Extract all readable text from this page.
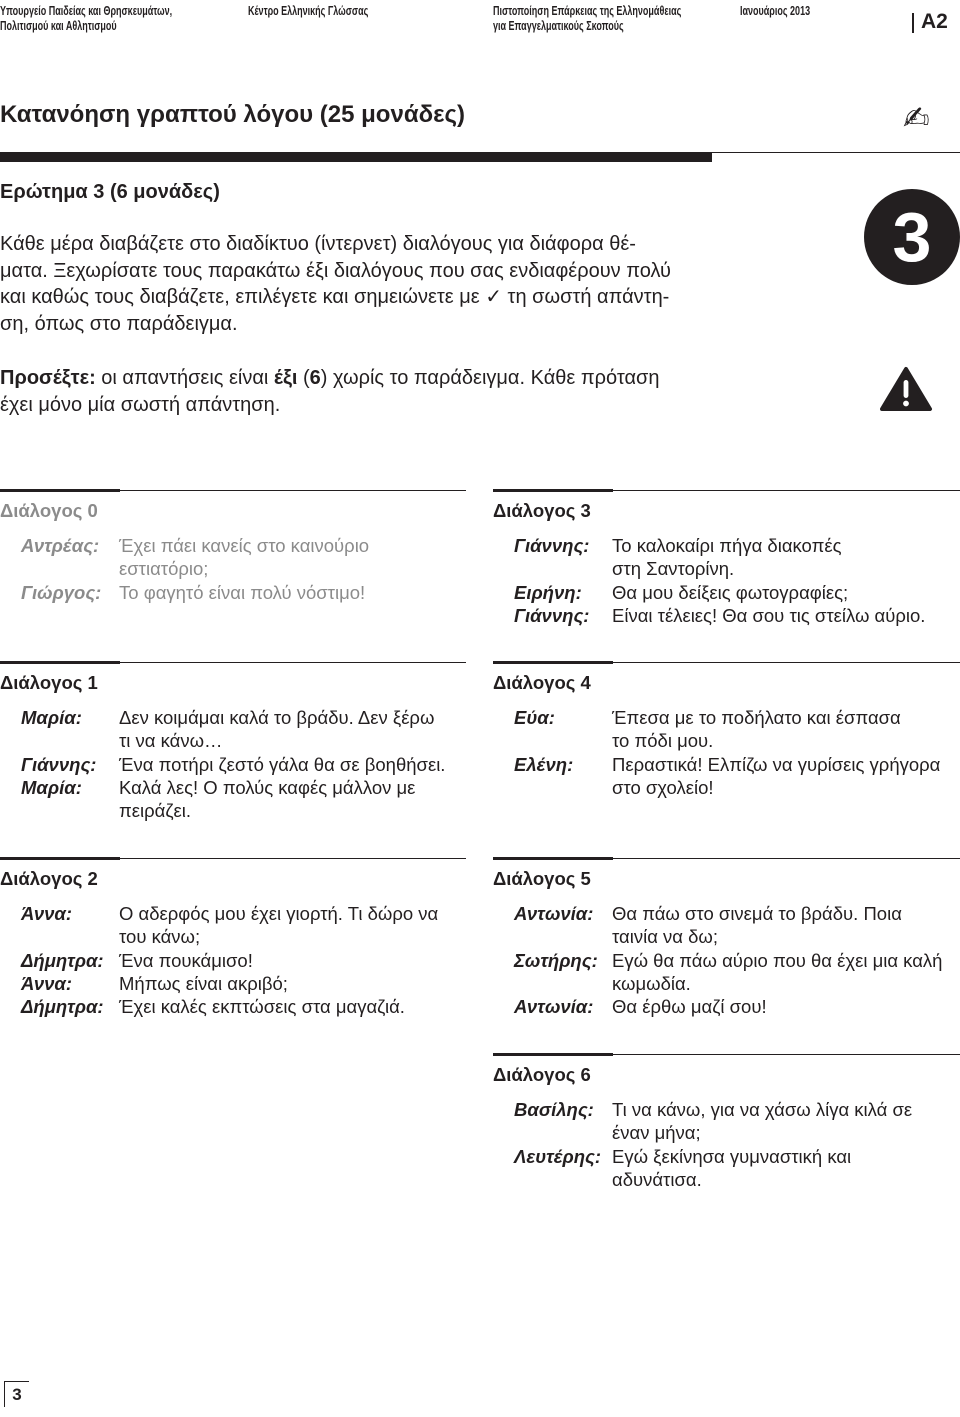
Υπουργείο Παιδείας και Θρησκευμάτων,
Πολιτισμού και Αθλητισμού
Κέντρο Ελληνικής Γλώσσας	Πιστοποίηση Επάρκειας της Ελληνομάθειας
για Επαγγελματικούς Σκοπούς
Ιανουάριος 2013	A2
Κατανόηση γραπτού λόγου (25 μονάδες)	✍
Ερώτημα 3 (6 μονάδες)
Κάθε μέρα διαβάζετε στο διαδίκτυο (ίντερνετ) διαλόγους για διάφορα θέ-
ματα. Ξεχωρίσατε τους παρακάτω έξι διαλόγους που σας ενδιαφέρουν πολύ
και καθώς τους διαβάζετε, επιλέγετε και σημειώνετε με ✓ τη σωστή απάντη-
ση, όπως στο παράδειγμα.
3
Προσέξτε: οι απαντήσεις είναι έξι (6) χωρίς το παράδειγμα. Κάθε πρόταση
έχει μόνο μία σωστή απάντηση.
Διάλογος 0
Αντρέας:	Έχει πάει κανείς στο καινούριο
εστιατόριο;
Γιώργος: Το φαγητό είναι πολύ νόστιμο!
Διάλογος 1
Μαρία:	Δεν κοιμάμαι καλά το βράδυ. Δεν ξέρω
τι να κάνω…
Γιάννης:	Ένα ποτήρι ζεστό γάλα θα σε βοηθήσει.
Μαρία:	Καλά λες! Ο πολύς καφές μάλλον με
πειράζει.
Διάλογος 2
Άννα:	Ο αδερφός μου έχει γιορτή. Τι δώρο να
του κάνω;
Δήμητρα: Ένα πουκάμισο!
Άννα:	Μήπως είναι ακριβό;
Δήμητρα: Έχει καλές εκπτώσεις στα μαγαζιά.
Διάλογος 3
Γιάννης:	Το καλοκαίρι πήγα διακοπές
στη Σαντορίνη.
Ειρήνη:	Θα μου δείξεις φωτογραφίες;
Γιάννης:	Είναι τέλειες! Θα σου τις στείλω αύριο.
Διάλογος 4
Εύα:	Έπεσα με το ποδήλατο και έσπασα
το πόδι μου.
Ελένη:	Περαστικά! Ελπίζω να γυρίσεις γρήγορα
στο σχολείο!
Διάλογος 5
Αντωνία:	Θα πάω στο σινεμά το βράδυ. Ποια
ταινία να δω;
Σωτήρης: Εγώ θα πάω αύριο που θα έχει μια καλή
κωμωδία.
Αντωνία:	Θα έρθω μαζί σου!
Διάλογος 6
Βασίλης: Τι να κάνω, για να χάσω λίγα κιλά σε
έναν μήνα;
Λευτέρης: Εγώ ξεκίνησα γυμναστική και
αδυνάτισα.
3
